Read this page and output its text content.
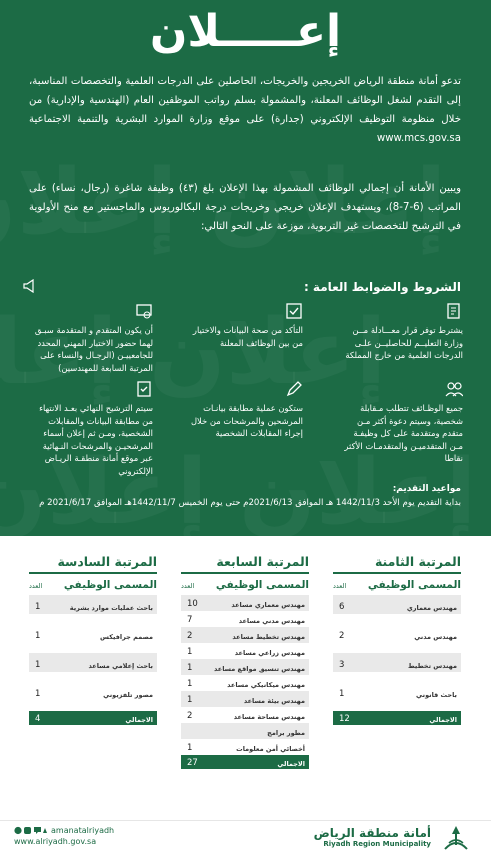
إعـــــلان

تدعو أمانة منطقة الرياض الخريجين والخريجات، الحاصلين على الدرجات العلمية والتخصصات المناسبة، إلى التقدم لشغل الوظائف المعلنة، والمشمولة بسلم رواتب الموظفين العام (الهندسية والإدارية) من خلال منظومة التوظيف الإلكتروني (جدارة) على موقع وزارة الموارد البشرية والتنمية الاجتماعية www.mcs.gov.sa

ويبين الأمانة أن إجمالي الوظائف المشمولة بهذا الإعلان بلغ (٤٣) وظيفة شاغرة (رجال، نساء) على المراتب (6-7-8)، ويستهدف الإعلان خريجي وخريجات درجة البكالوريوس والماجستير مع منح الأولوية في الترشيح للتخصصات غير التربوية، موزعة على النحو التالي:

الشروط والضوابط العامة :
يشترط توفر قرار معـــادلة مــن وزارة التعليــم للحاصليــن علـى الدرجات العلمية من خارج المملكة
التأكد من صحة البيانات والاختيار من بين الوظائف المعلنة
أن يكون المتقدم و المتقدمة سبـق لهما حضور الاختبار المهني المحدد للجامعييـن (الرجـال والنساء على المرتبة السابعة للمهندسين)
جميع الوظـائف تتطلب مـقابلة شخصية، وسيتم دعوة أكثر مـن متقدم ومتقدمة على كل وظيفـة مـن المتقدميـن والمتقدمـات الأكثر نقاطا
ستكون عملية مطابقة بيانـات المرشحين والمرشحات من خلال إجراء المقابلات الشخصية
سيتم الترشيح النهائي بعـد الانتهاء من مطابقة البيانات والمقابلات الشخصية، ومـن ثم إعلان أسماء المرشحيـن والمرشحات النـهائية عبر موقع أمانة منطقـة الريـاض الإلكتروني
مواعيد التقديم:
بداية التقديم يوم الأحد 1442/11/3 هـ الموافق 2021/6/13م حتى يوم الخميس 1442/11/7هـ الموافق 2021/6/17 م
المرتبة الثامنة
المسمى الوظيفي
العدد
مهندس معماري
6
مهندس مدني
2
مهندس تخطيط
3
باحث قانوني
1
الاجمالي
12
المرتبة السابعة
المسمى الوظيفي
العدد
مهندس معماري مساعد
10
مهندس مدني مساعد
7
مهندس تخطيط مساعد
2
مهندس زراعي مساعد
1
مهندس تنسيق مواقع مساعد
1
مهندس ميكانيكي مساعد
1
مهندس بيئة مساعد
1
مهندس مساحة مساعد
2
مطور برامج
أخصائي أمن معلومات
1
الاجمالي
27
المرتبة السادسة
المسمى الوظيفي
العدد
باحث عمليات موارد بشرية
1
مصمم جرافيكس
1
باحث إعلامي مساعد
1
مصور تلفزيوني
1
الاجمالي
4
amanatalriyadh
www.alriyadh.gov.sa
أمانة منطقة الرياض
Riyadh Region Municipality
